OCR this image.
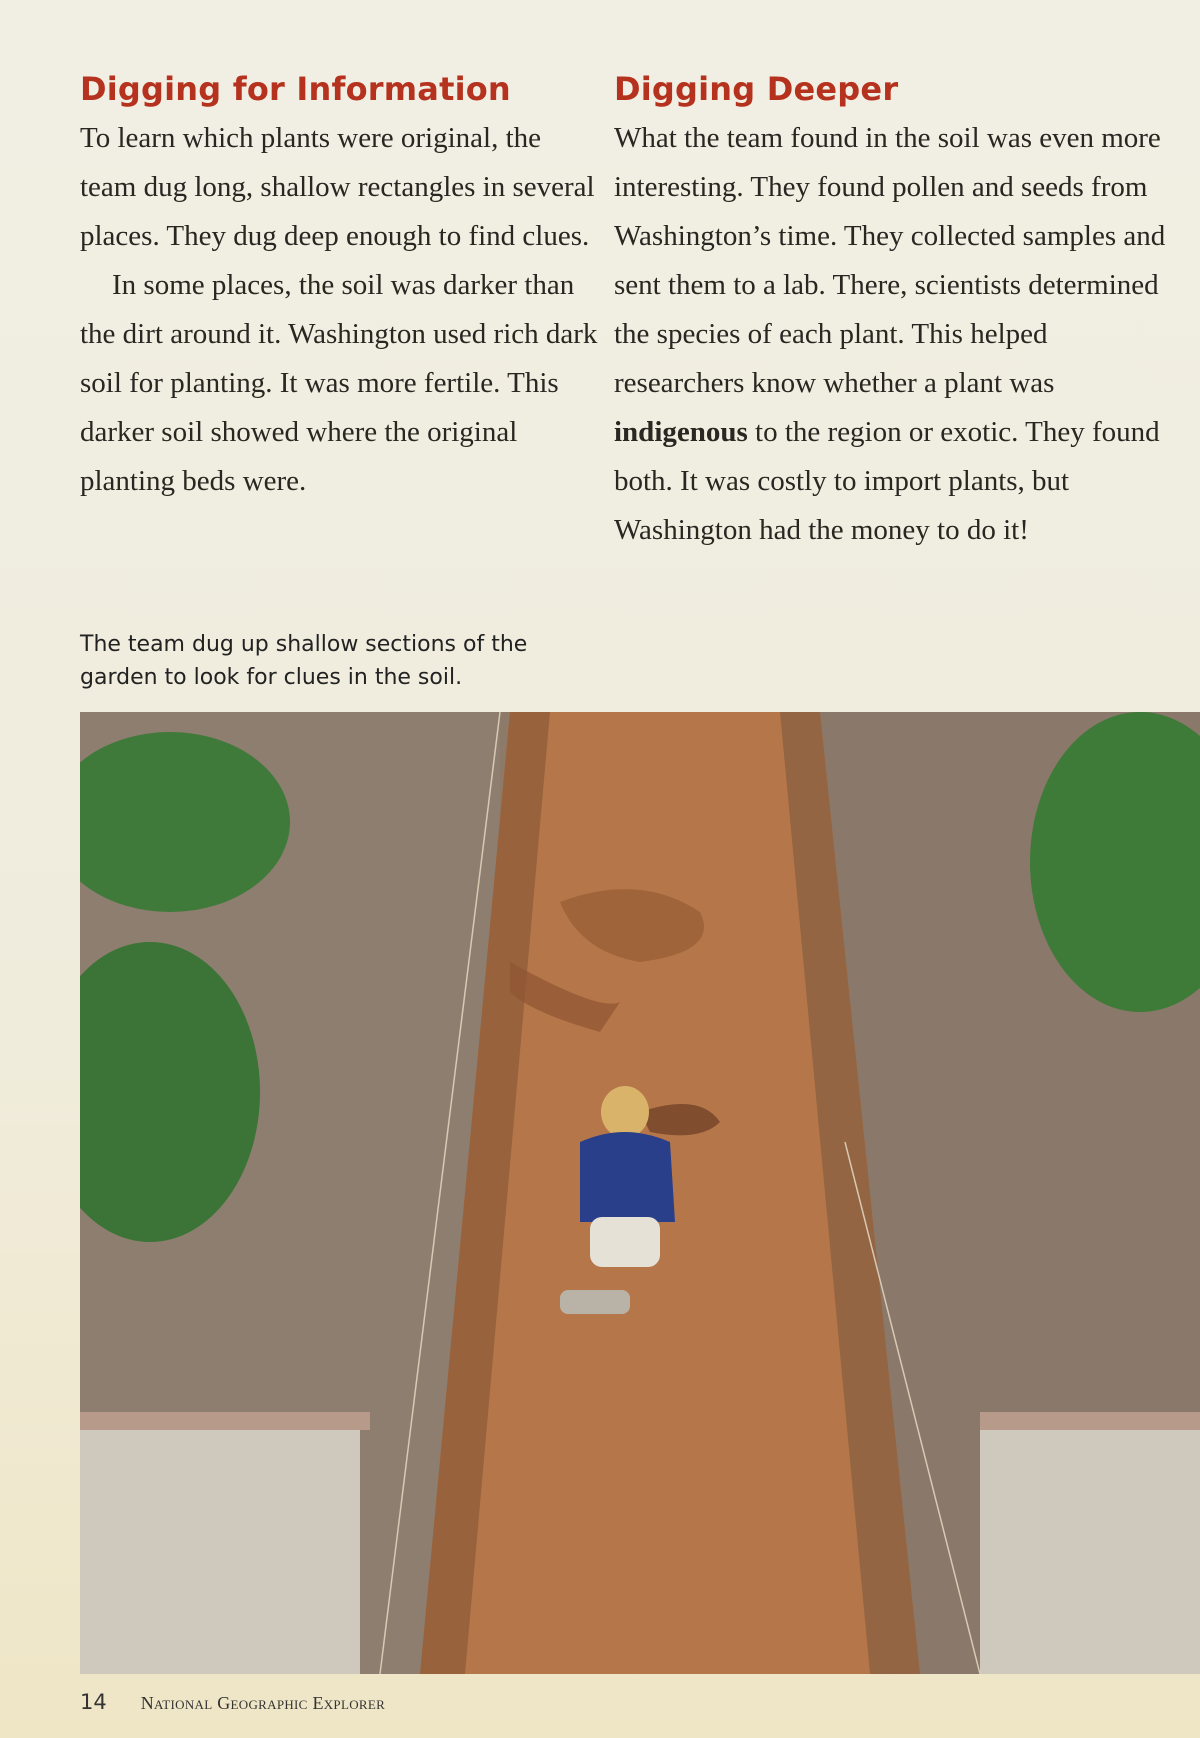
Digging for Information

To learn which plants were original, the team dug long, shallow rectangles in several places. They dug deep enough to find clues.

In some places, the soil was darker than the dirt around it. Washington used rich dark soil for planting. It was more fertile. This darker soil showed where the original planting beds were.

Digging Deeper

What the team found in the soil was even more interesting. They found pollen and seeds from Washington’s time. They collected samples and sent them to a lab. There, scientists determined the species of each plant. This helped researchers know whether a plant was indigenous to the region or exotic. They found both. It was costly to import plants, but Washington had the money to do it!

The team dug up shallow sections of the garden to look for clues in the soil.

14 National Geographic Explorer
